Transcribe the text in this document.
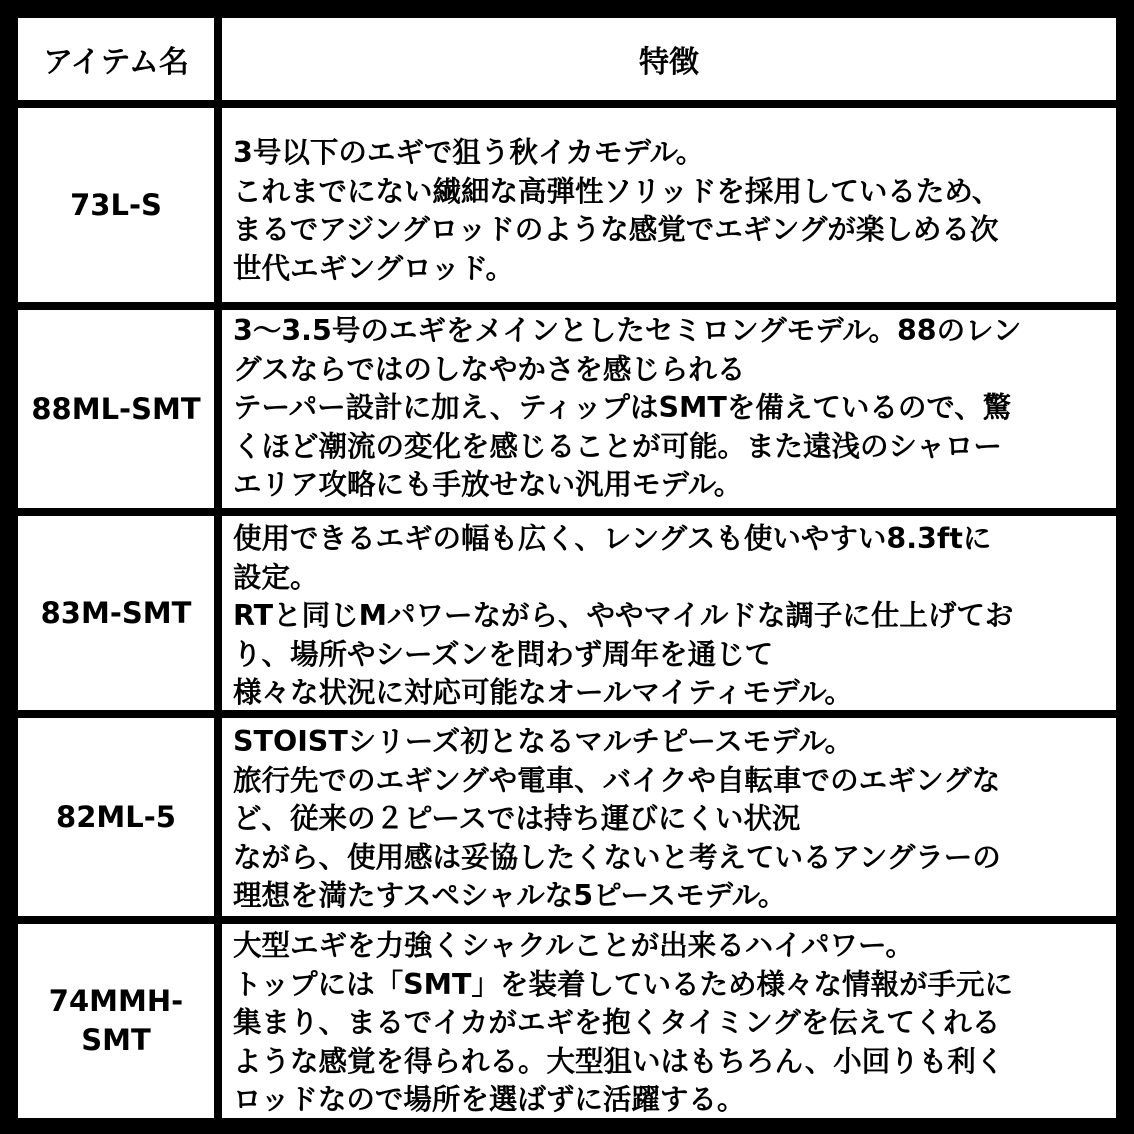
アイテム名	特徴
73L-S
3号以下のエギで狙う秋イカモデル。
これまでにない繊細な高弾性ソリッドを採用しているため、
まるでアジングロッドのような感覚でエギングが楽しめる次
世代エギングロッド。
88ML-SMT
3〜3.5号のエギをメインとしたセミロングモデル。88のレン
グスならではのしなやかさを感じられる
テーパー設計に加え、ティップはSMTを備えているので、驚
くほど潮流の変化を感じることが可能。また遠浅のシャロー
エリア攻略にも手放せない汎用モデル。
83M-SMT
使用できるエギの幅も広く、レングスも使いやすい8.3ftに
設定。
RTと同じMパワーながら、ややマイルドな調子に仕上げてお
り、場所やシーズンを問わず周年を通じて
様々な状況に対応可能なオールマイティモデル。
82ML-5
STOISTシリーズ初となるマルチピースモデル。
旅行先でのエギングや電車、バイクや自転車でのエギングな
ど、従来の２ピースでは持ち運びにくい状況
ながら、使用感は妥協したくないと考えているアングラーの
理想を満たすスペシャルな5ピースモデル。
74MMH-
SMT
大型エギを力強くシャクルことが出来るハイパワー。
トップには「SMT」を装着しているため様々な情報が手元に
集まり、まるでイカがエギを抱くタイミングを伝えてくれる
ような感覚を得られる。大型狙いはもちろん、小回りも利く
ロッドなので場所を選ばずに活躍する。
